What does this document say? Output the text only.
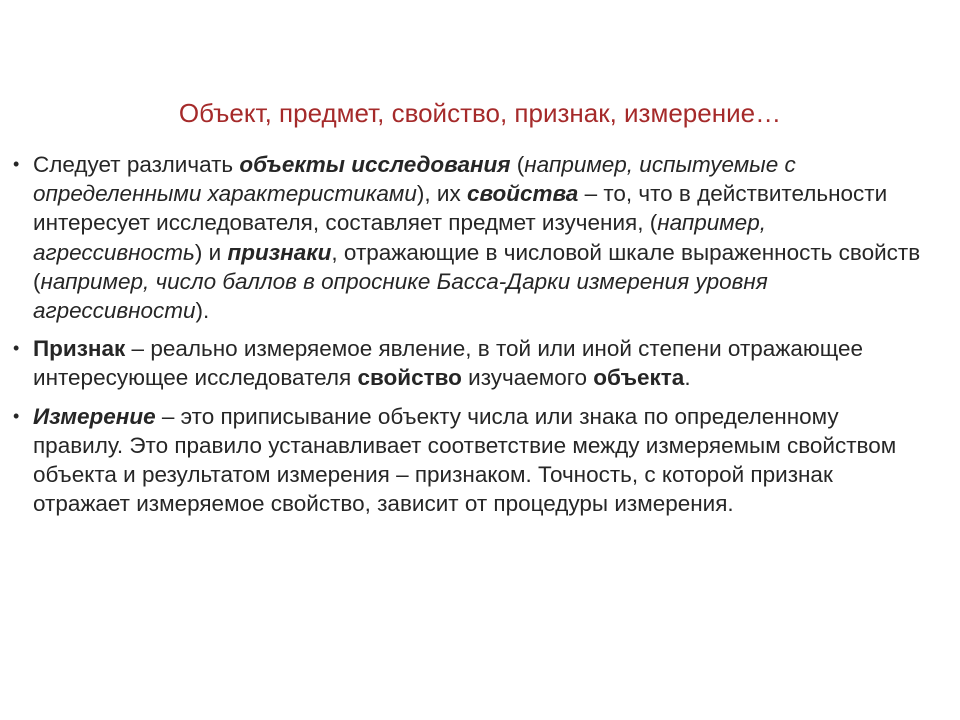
Объект, предмет, свойство, признак, измерение…
• Следует различать объекты исследования (например, испытуемые с определенными характеристиками), их свойства – то, что в действительности интересует исследователя, составляет предмет изучения, (например, агрессивность) и признаки, отражающие в числовой шкале выраженность свойств (например, число баллов в опроснике Басса-Дарки измерения уровня агрессивности).
• Признак – реально измеряемое явление, в той или иной степени отражающее интересующее исследователя свойство изучаемого объекта.
• Измерение – это приписывание объекту числа или знака по определенному правилу. Это правило устанавливает соответствие между измеряемым свойством объекта и результатом измерения – признаком. Точность, с которой признак отражает измеряемое свойство, зависит от процедуры измерения.
